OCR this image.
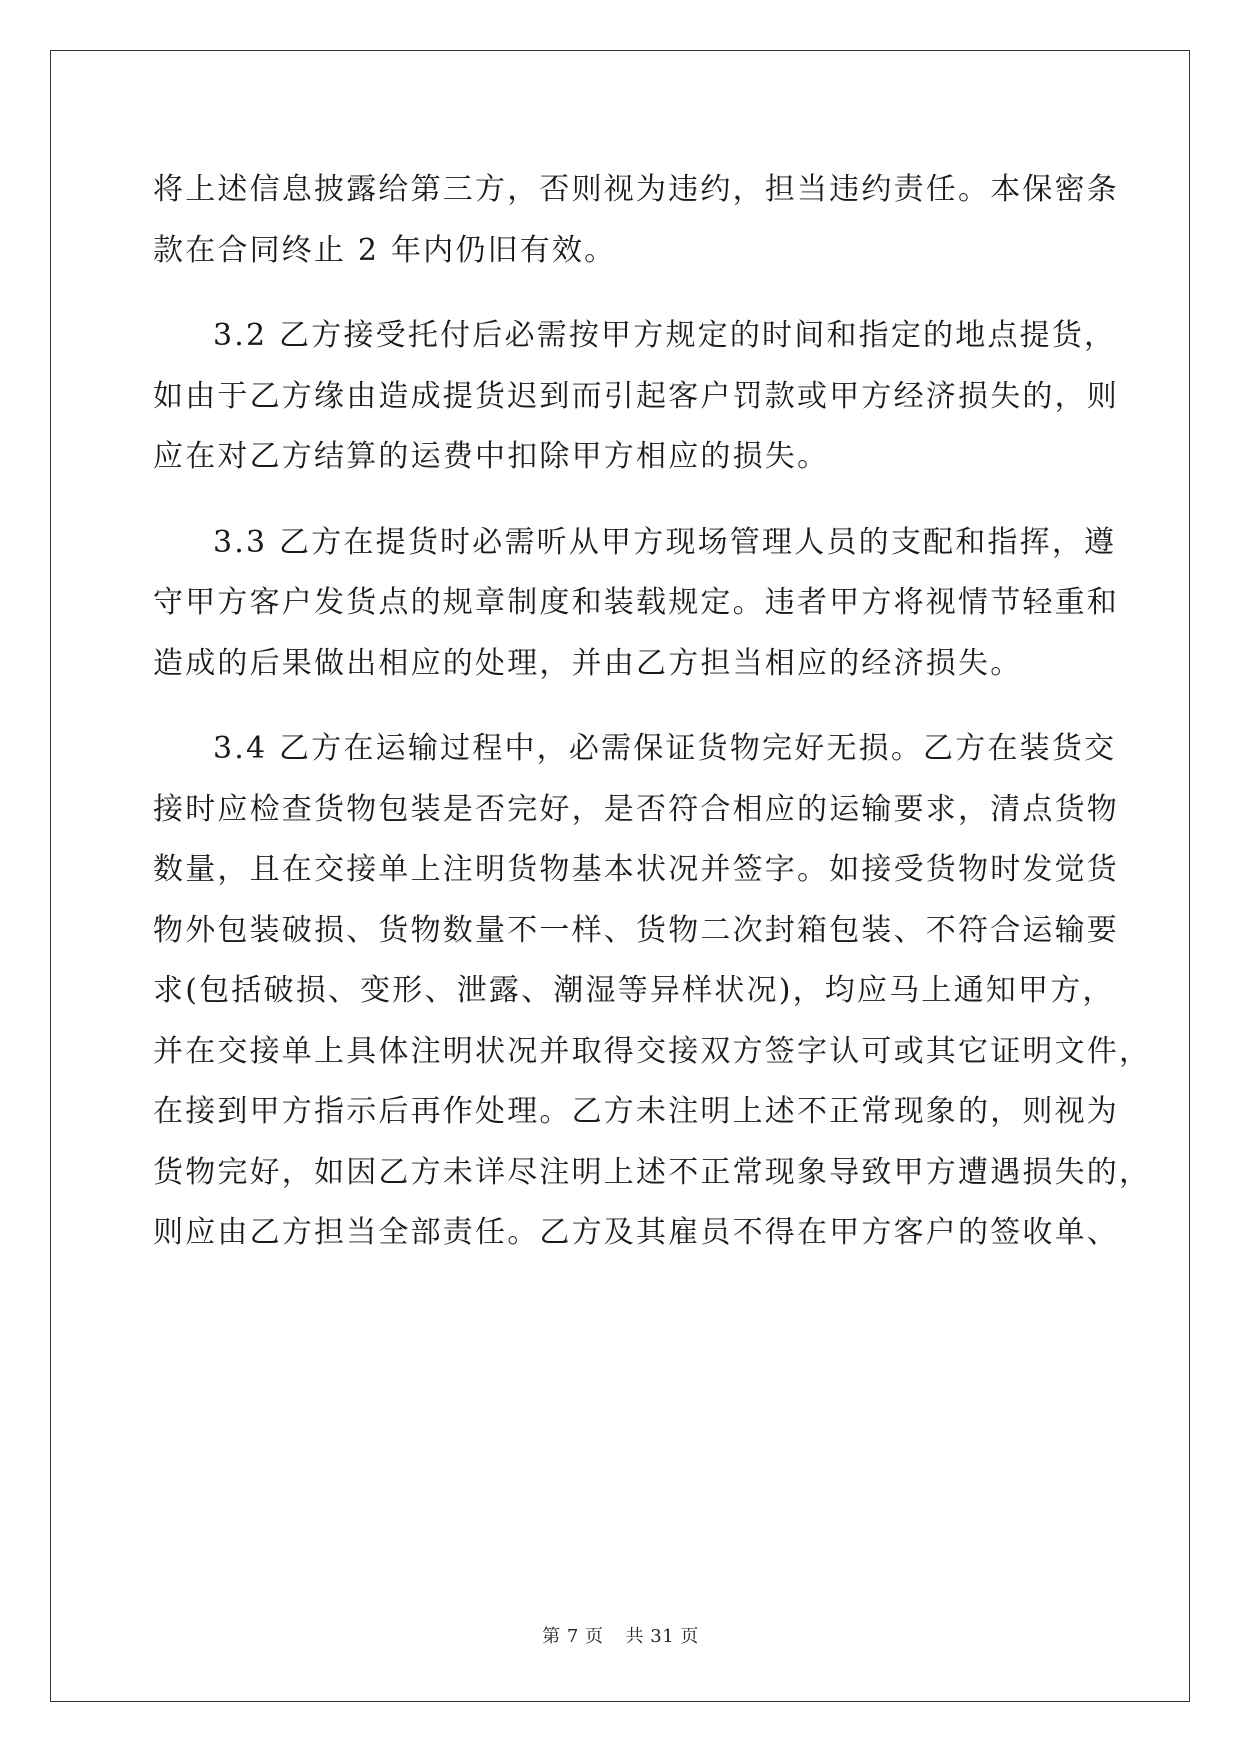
将上述信息披露给第三方，否则视为违约，担当违约责任。本保密条
款在合同终止 2 年内仍旧有效。
3.2 乙方接受托付后必需按甲方规定的时间和指定的地点提货，
如由于乙方缘由造成提货迟到而引起客户罚款或甲方经济损失的，则
应在对乙方结算的运费中扣除甲方相应的损失。
3.3 乙方在提货时必需听从甲方现场管理人员的支配和指挥，遵
守甲方客户发货点的规章制度和装载规定。违者甲方将视情节轻重和
造成的后果做出相应的处理，并由乙方担当相应的经济损失。
3.4 乙方在运输过程中，必需保证货物完好无损。乙方在装货交
接时应检查货物包装是否完好，是否符合相应的运输要求，清点货物
数量，且在交接单上注明货物基本状况并签字。如接受货物时发觉货
物外包装破损、货物数量不一样、货物二次封箱包装、不符合运输要
求(包括破损、变形、泄露、潮湿等异样状况)，均应马上通知甲方，
并在交接单上具体注明状况并取得交接双方签字认可或其它证明文件，
在接到甲方指示后再作处理。乙方未注明上述不正常现象的，则视为
货物完好，如因乙方未详尽注明上述不正常现象导致甲方遭遇损失的，
则应由乙方担当全部责任。乙方及其雇员不得在甲方客户的签收单、
第 7 页 共 31 页
